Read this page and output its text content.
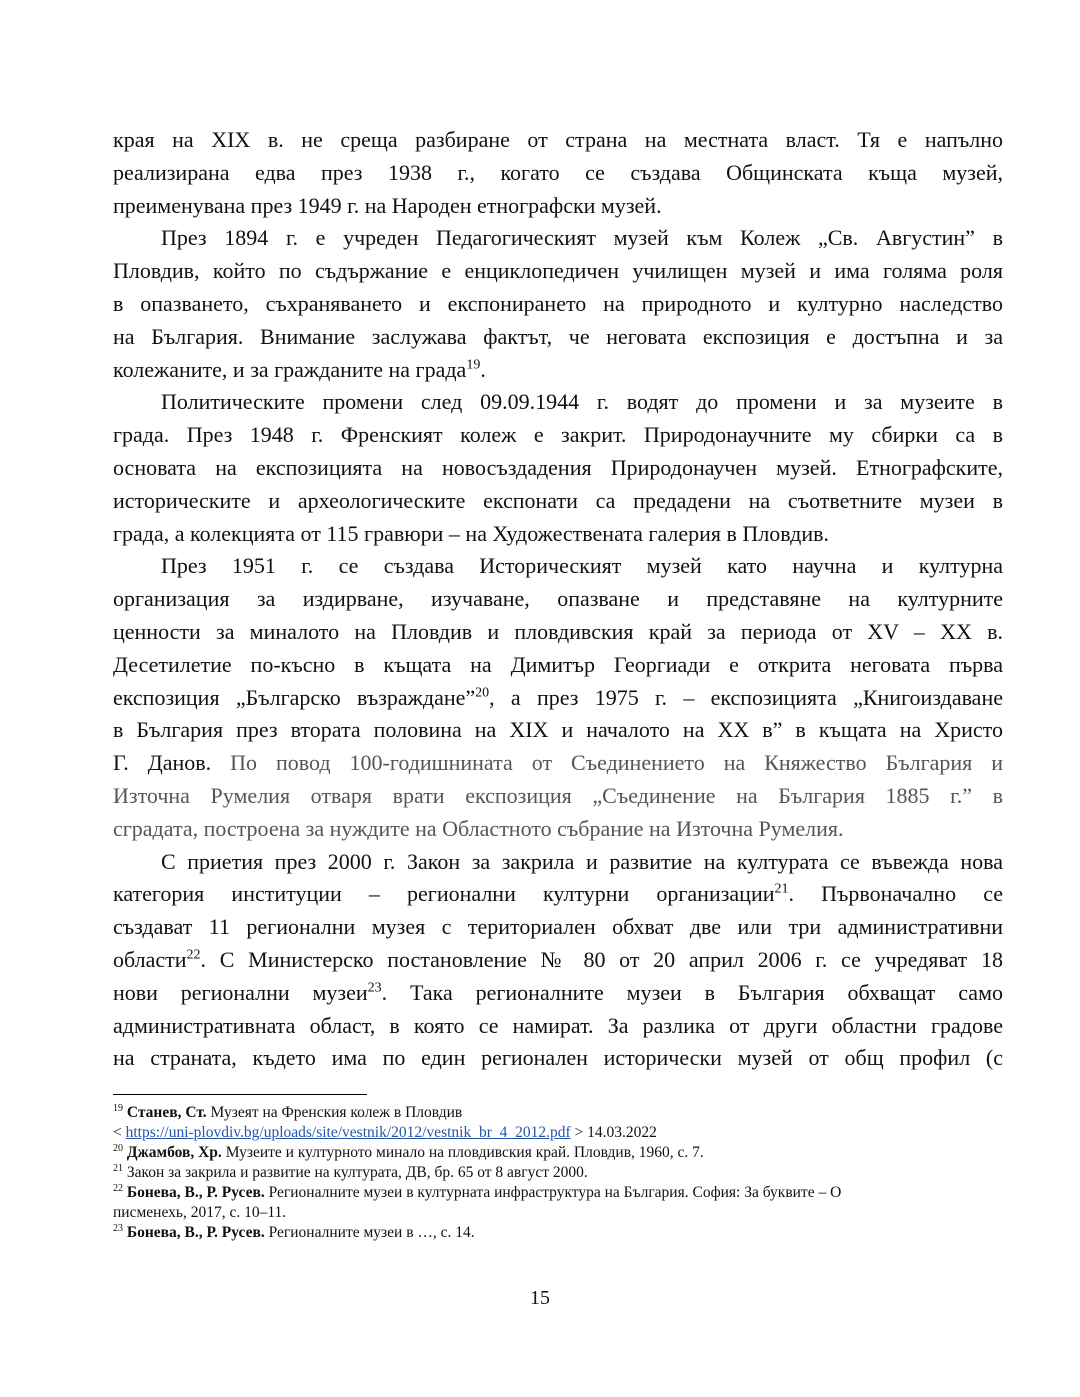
края на XIX в. не среща разбиране от страна на местната власт. Тя е напълно
реализирана едва през 1938 г., когато се създава Общинската къща музей,
преименувана през 1949 г. на Народен етнографски музей.
През 1894 г. е учреден Педагогическият музей към Колеж „Св. Августин” в
Пловдив, който по съдържание е енциклопедичен училищен музей и има голяма роля
в опазването, съхраняването и експонирането на природното и културно наследство
на България. Внимание заслужава фактът, че неговата експозиция е достъпна и за
колежаните, и за гражданите на града$^{19}$.
Политическите промени след 09.09.1944 г. водят до промени и за музеите в
града. През 1948 г. Френският колеж е закрит. Природонаучните му сбирки са в
основата на експозицията на новосъздадения Природонаучен музей. Етнографските,
историческите и археологическите експонати са предадени на съответните музеи в
града, а колекцията от 115 гравюри – на Художествената галерия в Пловдив.
През 1951 г. се създава Историческият музей като научна и културна
организация за издирване, изучаване, опазване и представяне на културните
ценности за миналото на Пловдив и пловдивския край за периода от XV – XX в.
Десетилетие по-късно в къщата на Димитър Георгиади е открита неговата първа
експозиция „Българско възраждане”$^{20}$, а през 1975 г. – експозицията „Книгоиздаване
в България през втората половина на XIX и началото на XX в” в къщата на Христо
Г. Данов. По повод 100-годишнината от Съединението на Княжество България и
Източна Румелия отваря врати експозиция „Съединение на България 1885 г.” в
сградата, построена за нуждите на Областното събрание на Източна Румелия.
С приетия през 2000 г. Закон за закрила и развитие на културата се въвежда нова
категория институции – регионални културни организации$^{21}$. Първоначално се
създават 11 регионални музея с териториален обхват две или три административни
области$^{22}$. С Министерско постановление № 80 от 20 април 2006 г. се учредяват 18
нови регионални музеи$^{23}$. Така регионалните музеи в България обхващат само
административната област, в която се намират. За разлика от други областни градове
на страната, където има по един регионален исторически музей от общ профил (с
$^{19}$ Станев, Ст. Музеят на Френския колеж в Пловдив
< https://uni-plovdiv.bg/uploads/site/vestnik/2012/vestnik_br_4_2012.pdf > 14.03.2022
$^{20}$ Джамбов, Хр. Музеите и културното минало на пловдивския край. Пловдив, 1960, с. 7.
$^{21}$ Закон за закрила и развитие на културата, ДВ, бр. 65 от 8 август 2000.
$^{22}$ Бонева, В., Р. Русев. Регионалните музеи в културната инфраструктура на България. София: За буквите – О
писменехь, 2017, с. 10–11.
$^{23}$ Бонева, В., Р. Русев. Регионалните музеи в …, с. 14.
15
